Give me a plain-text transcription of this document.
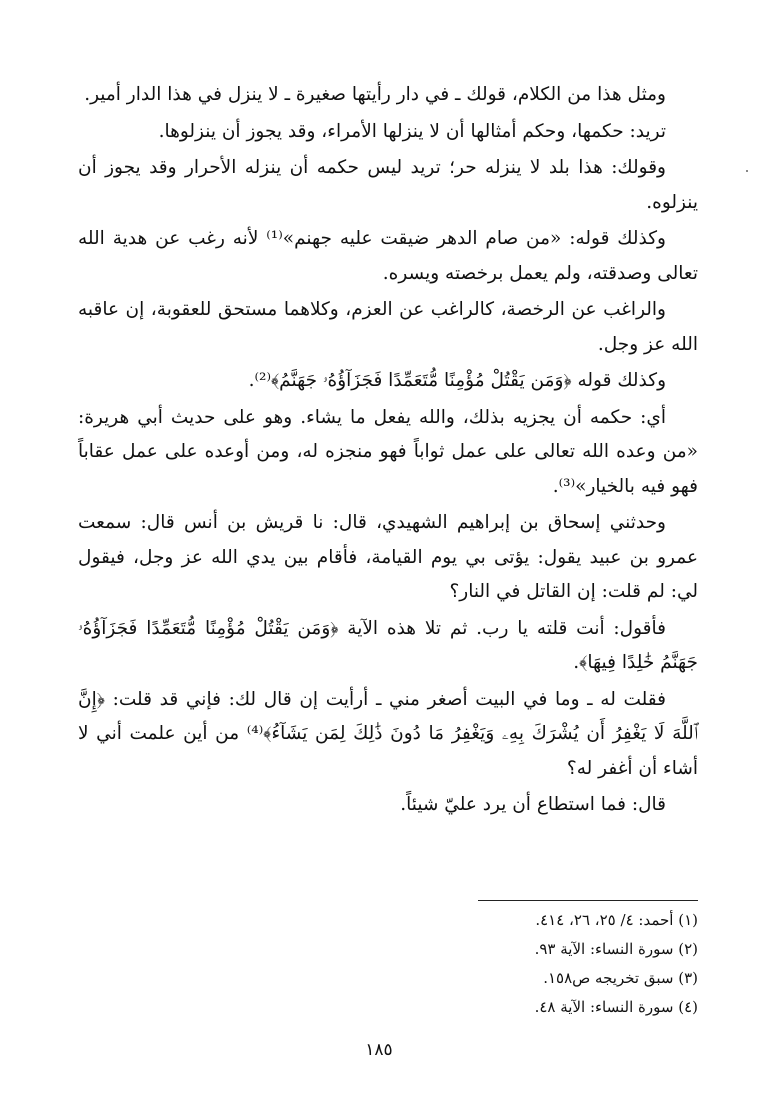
ومثل هذا من الكلام، قولك ـ في دار رأيتها صغيرة ـ لا ينزل في هذا الدار أمير.

تريد: حكمها، وحكم أمثالها أن لا ينزلها الأمراء، وقد يجوز أن ينزلوها.

وقولك: هذا بلد لا ينزله حر؛ تريد ليس حكمه أن ينزله الأحرار وقد يجوز أن ينزلوه.

وكذلك قوله: «من صام الدهر ضيقت عليه جهنم»⁽¹⁾ لأنه رغب عن هدية الله تعالى وصدقته، ولم يعمل برخصته ويسره.

والراغب عن الرخصة، كالراغب عن العزم، وكلاهما مستحق للعقوبة، إن عاقبه الله عز وجل.

وكذلك قوله ﴿وَمَن يَقْتُلْ مُؤْمِنًا مُّتَعَمِّدًا فَجَزَآؤُهُۥ جَهَنَّمُ﴾⁽²⁾.

أي: حكمه أن يجزيه بذلك، والله يفعل ما يشاء. وهو على حديث أبي هريرة: «من وعده الله تعالى على عمل ثواباً فهو منجزه له، ومن أوعده على عمل عقاباً فهو فيه بالخيار»⁽³⁾.

وحدثني إسحاق بن إبراهيم الشهيدي، قال: نا قريش بن أنس قال: سمعت عمرو بن عبيد يقول: يؤتى بي يوم القيامة، فأقام بين يدي الله عز وجل، فيقول لي: لم قلت: إن القاتل في النار؟

فأقول: أنت قلته يا رب. ثم تلا هذه الآية ﴿وَمَن يَقْتُلْ مُؤْمِنًا مُّتَعَمِّدًا فَجَزَآؤُهُۥ جَهَنَّمُ خَٰلِدًا فِيهَا﴾.

فقلت له ـ وما في البيت أصغر مني ـ أرأيت إن قال لك: فإني قد قلت: ﴿إِنَّ ٱللَّهَ لَا يَغْفِرُ أَن يُشْرَكَ بِهِۦ وَيَغْفِرُ مَا دُونَ ذَٰلِكَ لِمَن يَشَآءُ﴾⁽⁴⁾ من أين علمت أني لا أشاء أن أغفر له؟

قال: فما استطاع أن يرد عليّ شيئاً.

(١) أحمد: ٤/ ٢٥، ٢٦، ٤١٤.
(٢) سورة النساء: الآية ٩٣.
(٣) سبق تخريجه ص١٥٨.
(٤) سورة النساء: الآية ٤٨.
١٨٥
